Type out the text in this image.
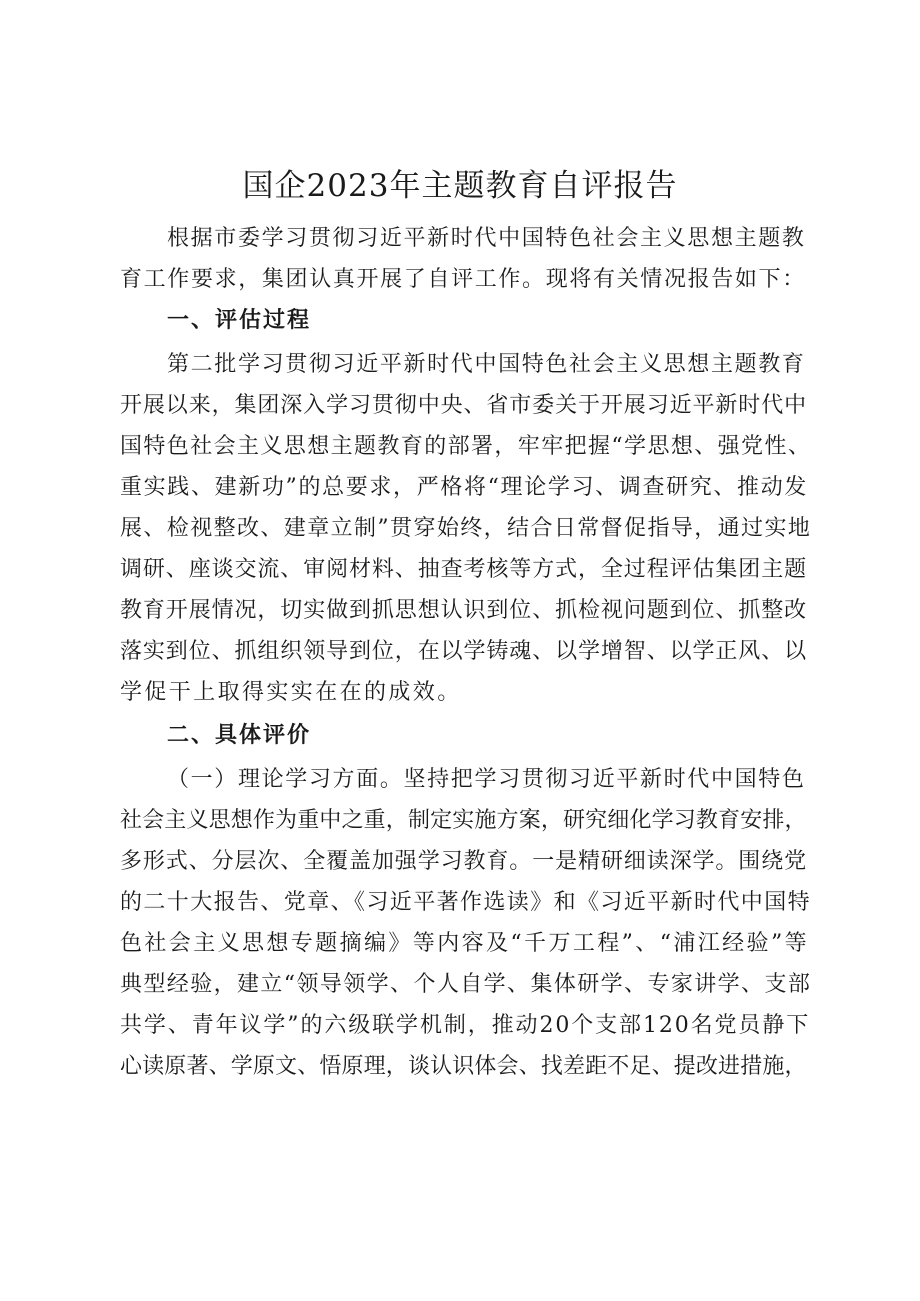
国企2023年主题教育自评报告

根据市委学习贯彻习近平新时代中国特色社会主义思想主题教

育工作要求，集团认真开展了自评工作。现将有关情况报告如下：

一、评估过程

第二批学习贯彻习近平新时代中国特色社会主义思想主题教育

开展以来，集团深入学习贯彻中央、省市委关于开展习近平新时代中

国特色社会主义思想主题教育的部署，牢牢把握“学思想、强党性、

重实践、建新功”的总要求，严格将“理论学习、调查研究、推动发

展、检视整改、建章立制”贯穿始终，结合日常督促指导，通过实地

调研、座谈交流、审阅材料、抽查考核等方式，全过程评估集团主题

教育开展情况，切实做到抓思想认识到位、抓检视问题到位、抓整改

落实到位、抓组织领导到位，在以学铸魂、以学增智、以学正风、以

学促干上取得实实在在的成效。

二、具体评价

（一）理论学习方面。坚持把学习贯彻习近平新时代中国特色

社会主义思想作为重中之重，制定实施方案，研究细化学习教育安排，

多形式、分层次、全覆盖加强学习教育。一是精研细读深学。围绕党

的二十大报告、党章、《习近平著作选读》和《习近平新时代中国特

色社会主义思想专题摘编》等内容及“千万工程”、“浦江经验”等

典型经验，建立“领导领学、个人自学、集体研学、专家讲学、支部

共学、青年议学”的六级联学机制，推动20个支部120名党员静下

心读原著、学原文、悟原理，谈认识体会、找差距不足、提改进措施，
